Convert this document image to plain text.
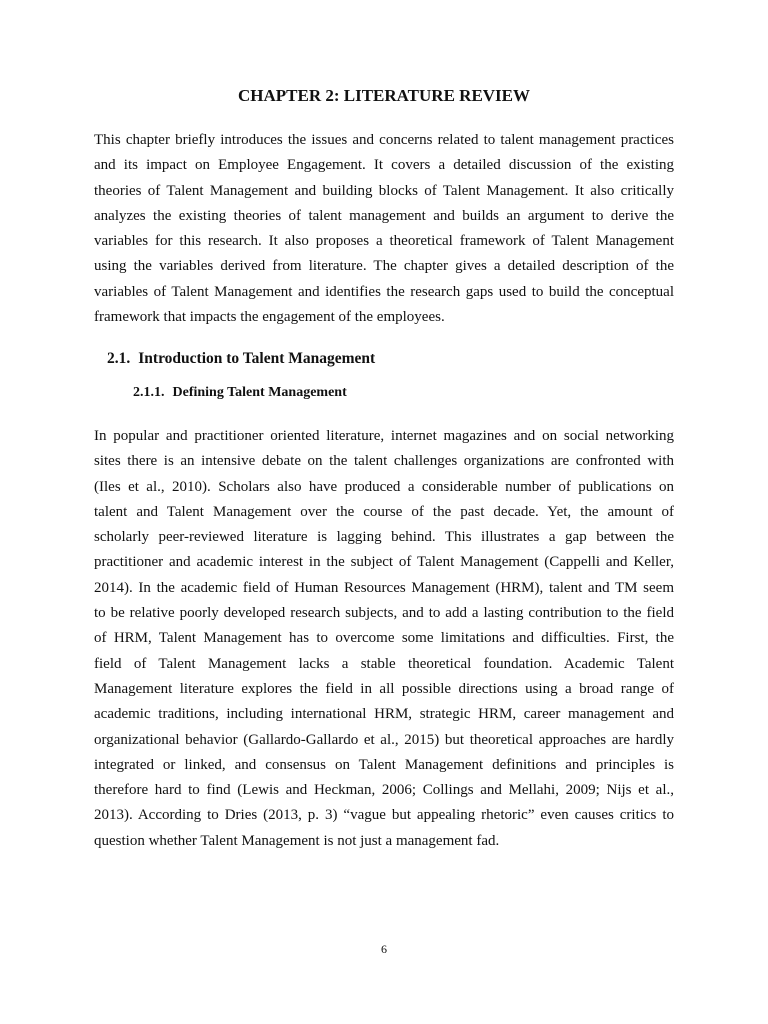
CHAPTER 2: LITERATURE REVIEW
This chapter briefly introduces the issues and concerns related to talent management practices
and its impact on Employee Engagement. It covers a detailed discussion of the existing
theories of Talent Management and building blocks of Talent Management. It also critically
analyzes the existing theories of talent management and builds an argument to derive the
variables for this research. It also proposes a theoretical framework of Talent Management
using the variables derived from literature. The chapter gives a detailed description of the
variables of Talent Management and identifies the research gaps used to build the conceptual
framework that impacts the engagement of the employees.
2.1. Introduction to Talent Management
2.1.1. Defining Talent Management
In popular and practitioner oriented literature, internet magazines and on social networking
sites there is an intensive debate on the talent challenges organizations are confronted with
(Iles et al., 2010). Scholars also have produced a considerable number of publications on
talent and Talent Management over the course of the past decade. Yet, the amount of
scholarly peer-reviewed literature is lagging behind. This illustrates a gap between the
practitioner and academic interest in the subject of Talent Management (Cappelli and Keller,
2014). In the academic field of Human Resources Management (HRM), talent and TM seem
to be relative poorly developed research subjects, and to add a lasting contribution to the field
of HRM, Talent Management has to overcome some limitations and difficulties. First, the
field of Talent Management lacks a stable theoretical foundation. Academic Talent
Management literature explores the field in all possible directions using a broad range of
academic traditions, including international HRM, strategic HRM, career management and
organizational behavior (Gallardo-Gallardo et al., 2015) but theoretical approaches are hardly
integrated or linked, and consensus on Talent Management definitions and principles is
therefore hard to find (Lewis and Heckman, 2006; Collings and Mellahi, 2009; Nijs et al.,
2013). According to Dries (2013, p. 3) “vague but appealing rhetoric” even causes critics to
question whether Talent Management is not just a management fad.
6
